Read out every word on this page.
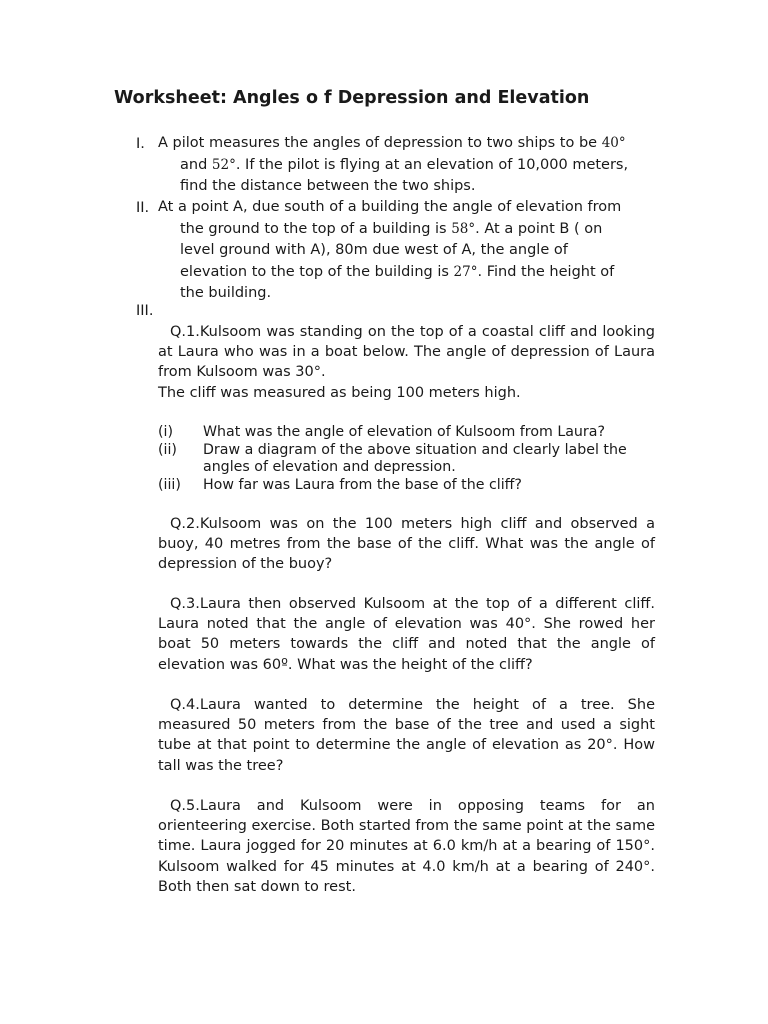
Worksheet: Angles o f Depression and Elevation
I. A pilot measures the angles of depression to two ships to be 40°
and 52°. If the pilot is flying at an elevation of 10,000 meters,
find the distance between the two ships.
II. At a point A, due south of a building the angle of elevation from
the ground to the top of a building is 58°. At a point B ( on
level ground with A), 80m due west of A, the angle of
elevation to the top of the building is 27°. Find the height of
the building.
III.
Q.1.Kulsoom was standing on the top of a coastal cliff and looking at Laura who was in a boat below. The angle of depression of Laura from Kulsoom was 30°.
The cliff was measured as being 100 meters high.
(i)	What was the angle of elevation of Kulsoom from Laura?
(ii)	Draw a diagram of the above situation and clearly label the angles of elevation and depression.
(iii)	How far was Laura from the base of the cliff?
Q.2.Kulsoom was on the 100 meters high cliff and observed a buoy, 40 metres from the base of the cliff. What was the angle of depression of the buoy?
Q.3.Laura then observed Kulsoom at the top of a different cliff. Laura noted that the angle of elevation was 40°. She rowed her boat 50 meters towards the cliff and noted that the angle of elevation was 60º. What was the height of the cliff?
Q.4.Laura wanted to determine the height of a tree. She measured 50 meters from the base of the tree and used a sight tube at that point to determine the angle of elevation as 20°. How tall was the tree?
Q.5.Laura and Kulsoom were in opposing teams for an orienteering exercise. Both started from the same point at the same time. Laura jogged for 20 minutes at 6.0 km/h at a bearing of 150°. Kulsoom walked for 45 minutes at 4.0 km/h at a bearing of 240°. Both then sat down to rest.
